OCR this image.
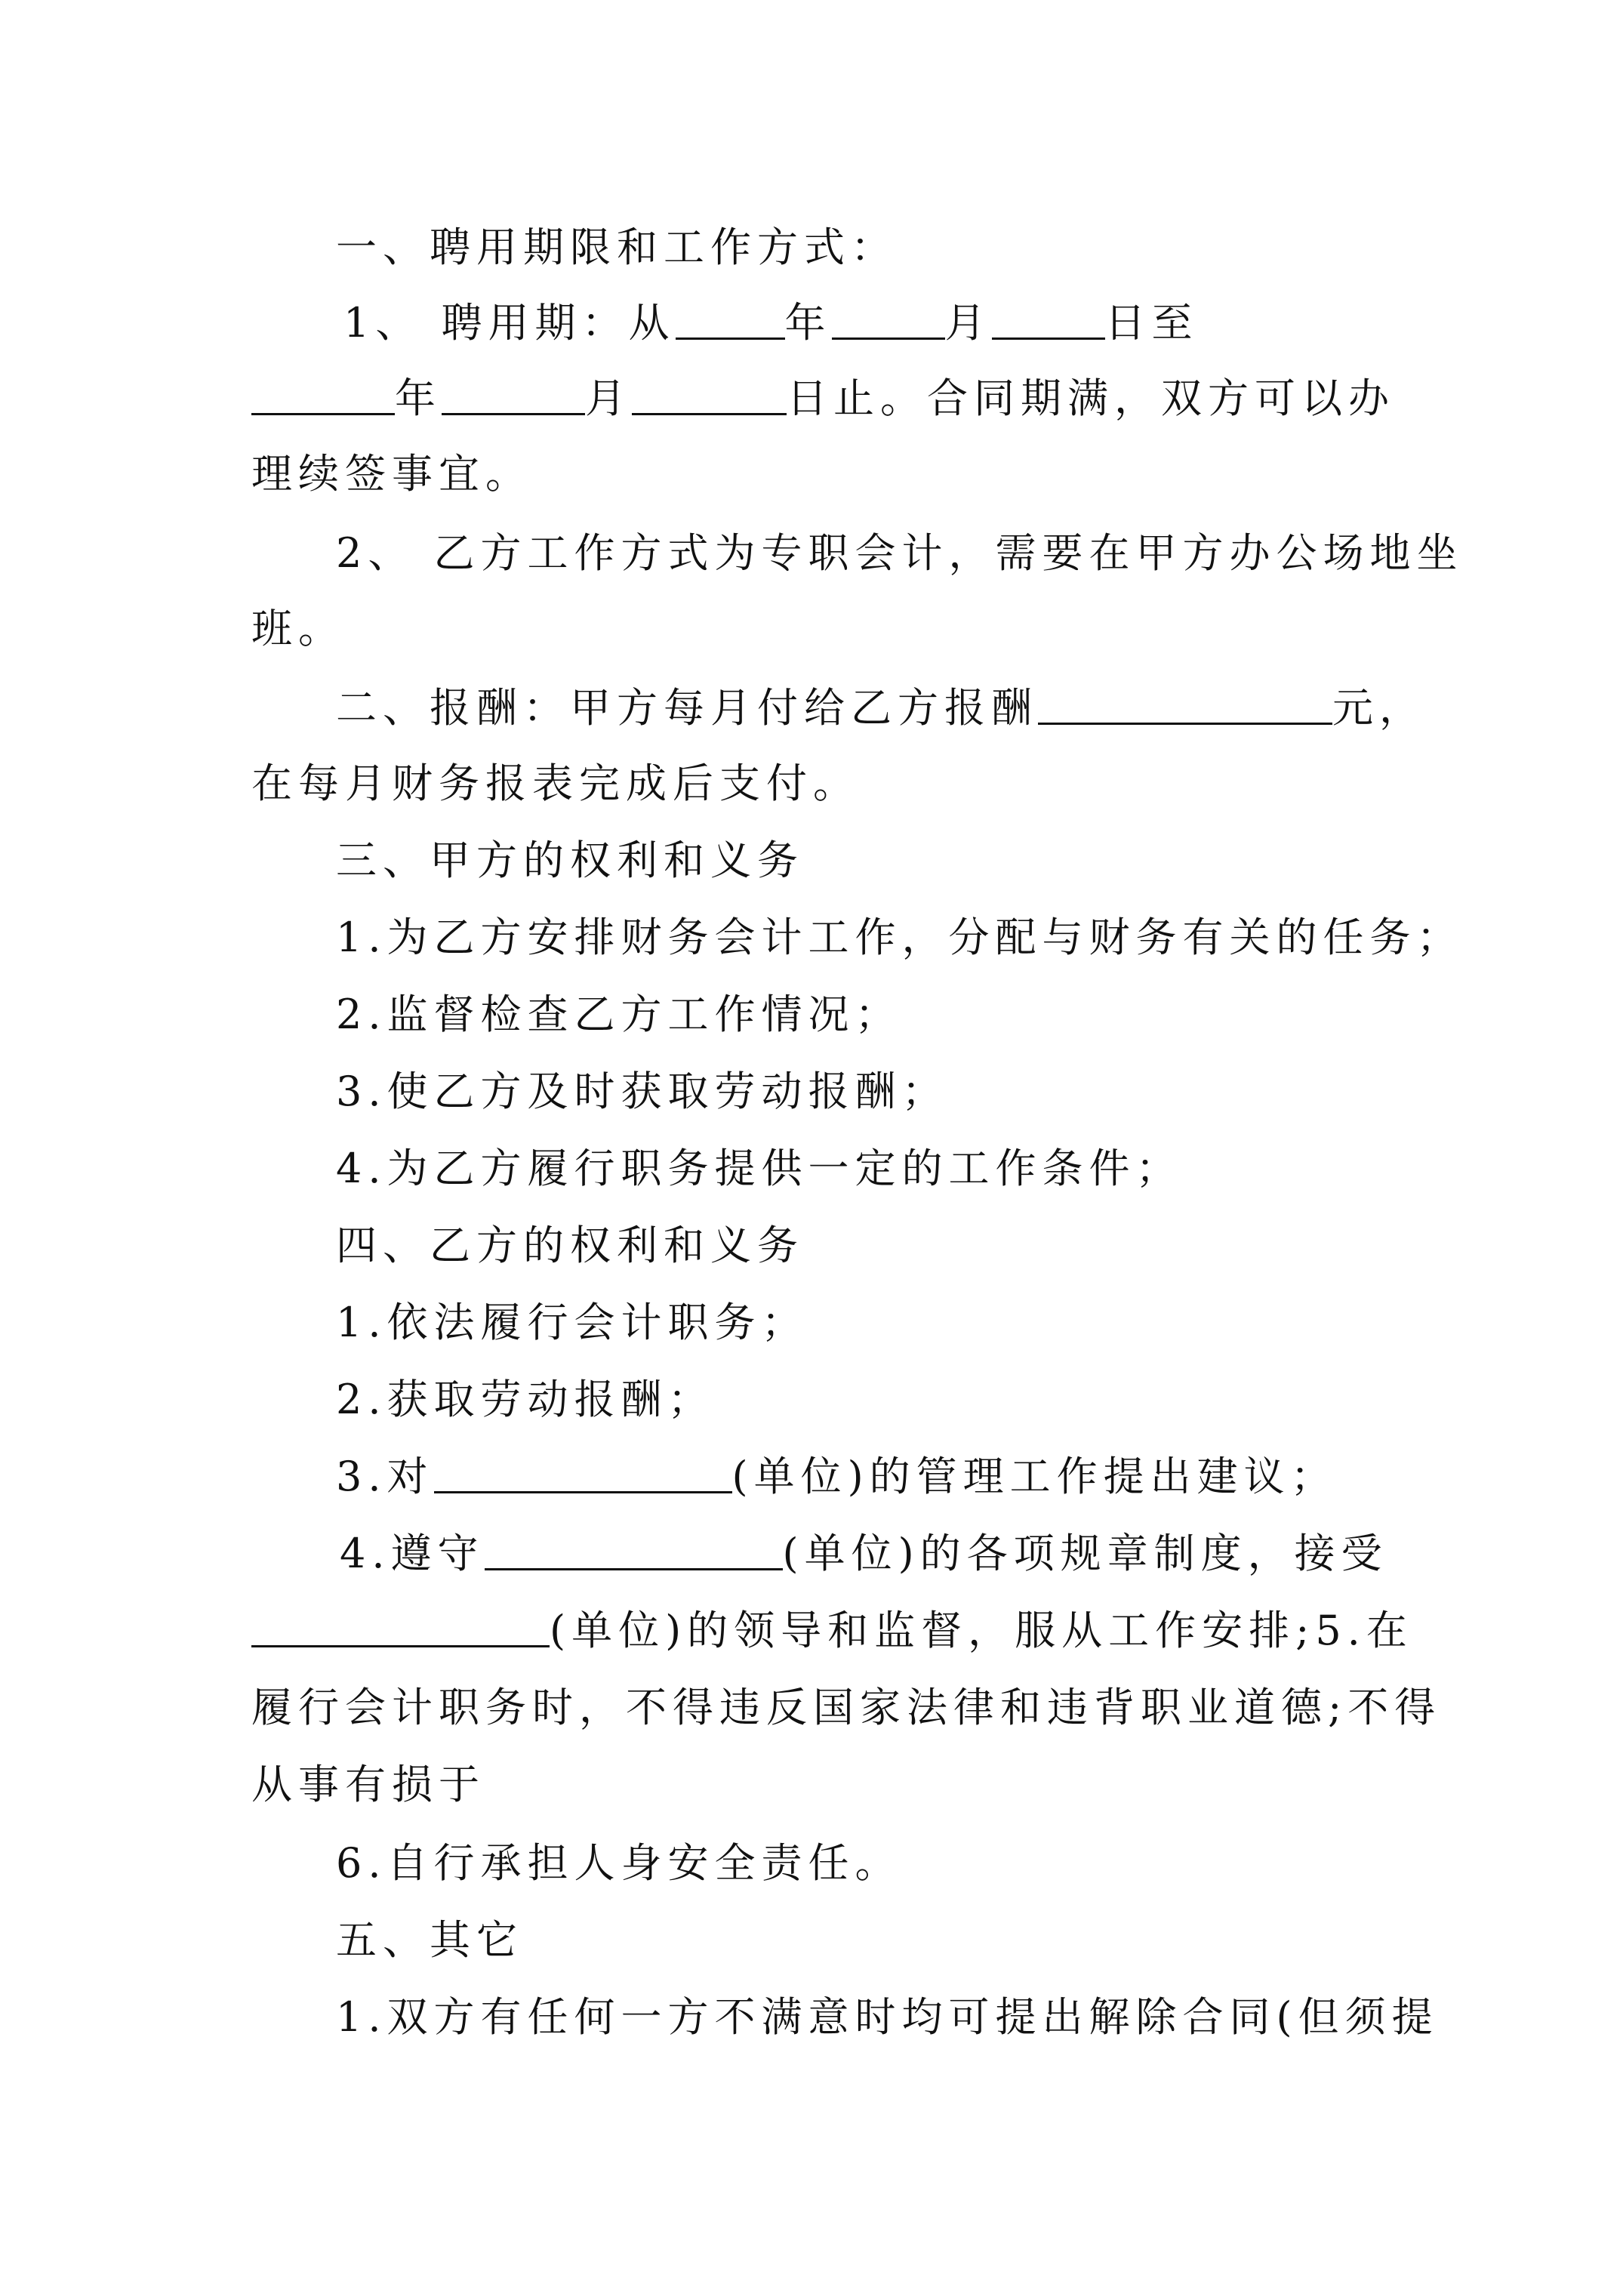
一、聘用期限和工作方式：
1、 聘用期：从	年	月	日至
年	月	日止。合同期满，双方可以办
理续签事宜。
2、 乙方工作方式为专职会计，需要在甲方办公场地坐
班。
二、报酬：甲方每月付给乙方报酬	元，
在每月财务报表完成后支付。
三、甲方的权利和义务
1.为乙方安排财务会计工作，分配与财务有关的任务；
2.监督检查乙方工作情况；
3.使乙方及时获取劳动报酬；
4.为乙方履行职务提供一定的工作条件；
四、乙方的权利和义务
1.依法履行会计职务；
2.获取劳动报酬；
3.对	(单位)的管理工作提出建议；
4.遵守	(单位)的各项规章制度，接受
(单位)的领导和监督，服从工作安排;5.在
履行会计职务时，不得违反国家法律和违背职业道德;不得
从事有损于
6.自行承担人身安全责任。
五、其它
1.双方有任何一方不满意时均可提出解除合同(但须提
